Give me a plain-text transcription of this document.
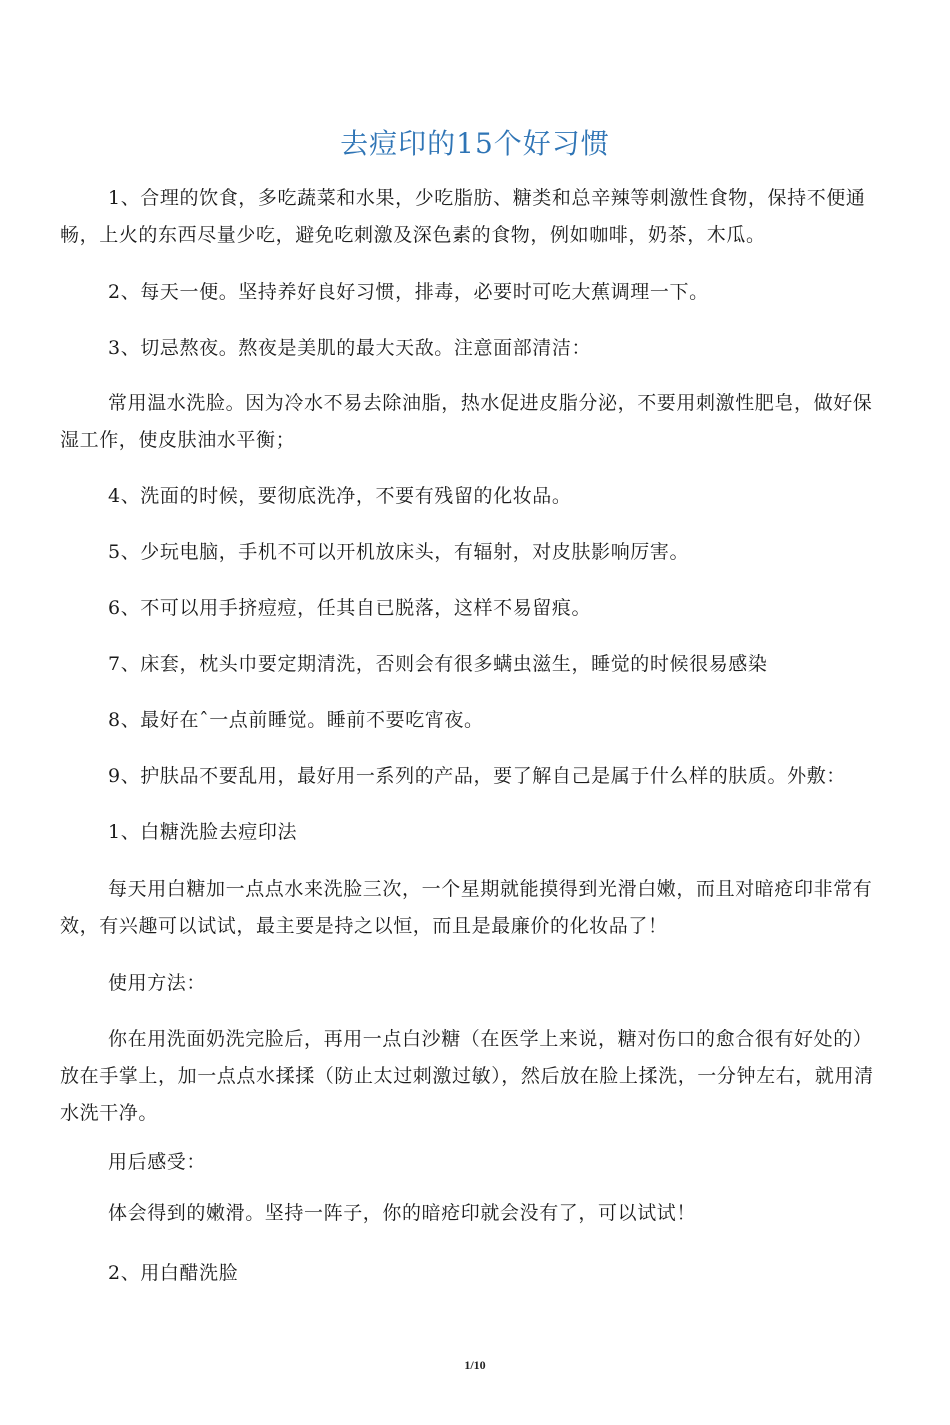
去痘印的15个好习惯

1、合理的饮食，多吃蔬菜和水果，少吃脂肪、糖类和总辛辣等刺激性食物，保持不便通畅，上火的东西尽量少吃，避免吃刺激及深色素的食物，例如咖啡，奶茶，木瓜。

2、每天一便。坚持养好良好习惯，排毒，必要时可吃大蕉调理一下。

3、切忌熬夜。熬夜是美肌的最大天敌。注意面部清洁：

常用温水洗脸。因为冷水不易去除油脂，热水促进皮脂分泌，不要用刺激性肥皂，做好保湿工作，使皮肤油水平衡；

4、洗面的时候，要彻底洗净，不要有残留的化妆品。

5、少玩电脑，手机不可以开机放床头，有辐射，对皮肤影响厉害。

6、不可以用手挤痘痘，任其自已脱落，这样不易留痕。

7、床套，枕头巾要定期清洗，否则会有很多螨虫滋生，睡觉的时候很易感染

8、最好在ˆ一点前睡觉。睡前不要吃宵夜。

9、护肤品不要乱用，最好用一系列的产品，要了解自己是属于什么样的肤质。外敷：

1、白糖洗脸去痘印法

每天用白糖加一点点水来洗脸三次，一个星期就能摸得到光滑白嫩，而且对暗疮印非常有效，有兴趣可以试试，最主要是持之以恒，而且是最廉价的化妆品了！

使用方法：

你在用洗面奶洗完脸后，再用一点白沙糖（在医学上来说，糖对伤口的愈合很有好处的）放在手掌上，加一点点水揉揉（防止太过刺激过敏），然后放在脸上揉洗，一分钟左右，就用清水洗干净。

用后感受：

体会得到的嫩滑。坚持一阵子，你的暗疮印就会没有了，可以试试！

2、用白醋洗脸

1/10
